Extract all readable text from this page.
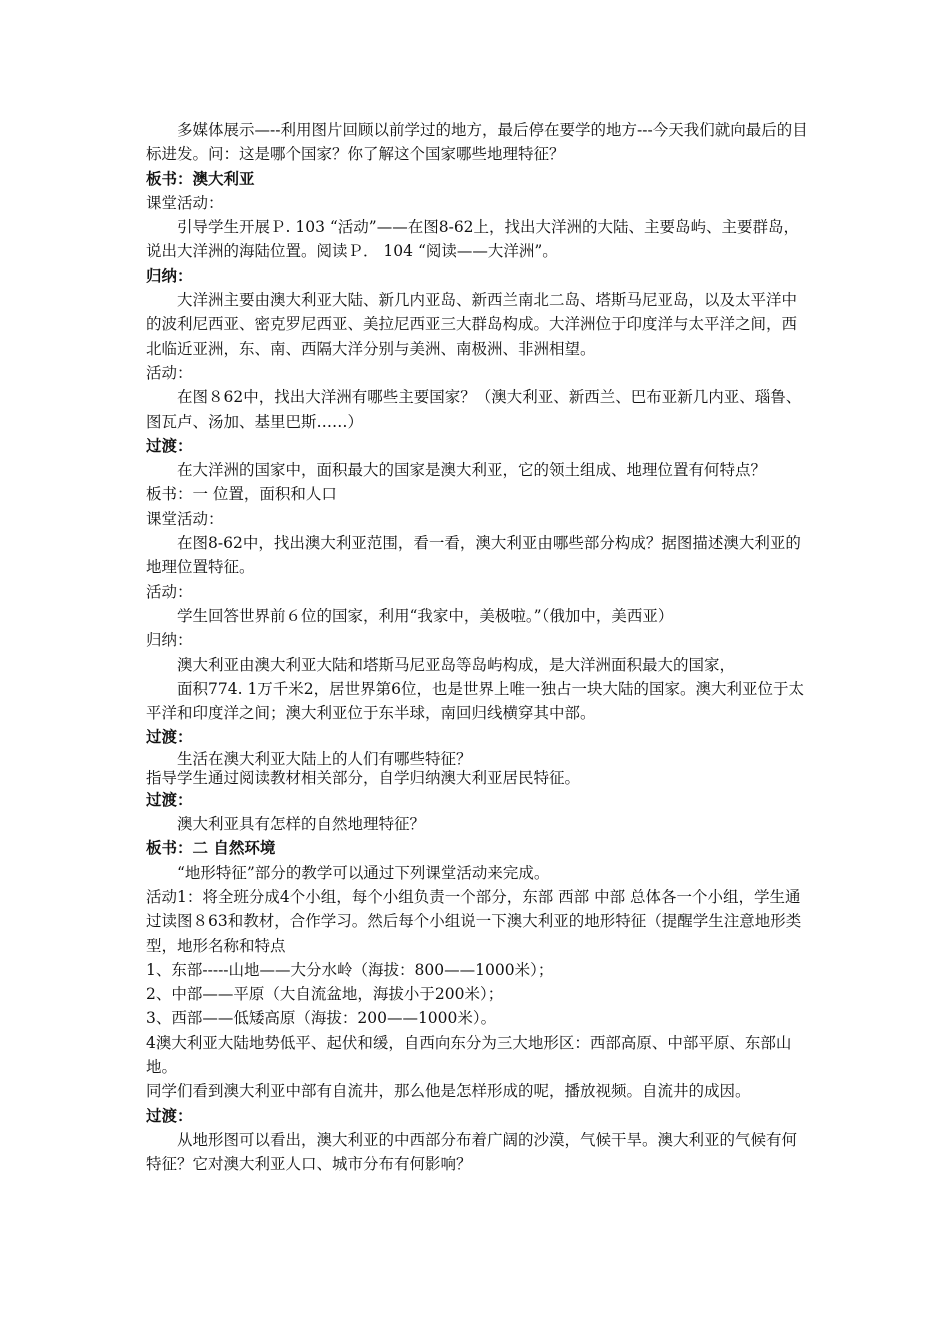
多媒体展示—--利用图片回顾以前学过的地方，最后停在要学的地方---今天我们就向最后的目标进发。问：这是哪个国家？你了解这个国家哪些地理特征？

板书：澳大利亚

课堂活动：

引导学生开展Ｐ. 103 “活动”——在图8-62上，找出大洋洲的大陆、主要岛屿、主要群岛，说出大洋洲的海陆位置。阅读Ｐ． 104 “阅读——大洋洲”。

归纳：

大洋洲主要由澳大利亚大陆、新几内亚岛、新西兰南北二岛、塔斯马尼亚岛，以及太平洋中的波利尼西亚、密克罗尼西亚、美拉尼西亚三大群岛构成。大洋洲位于印度洋与太平洋之间，西北临近亚洲，东、南、西隔大洋分别与美洲、南极洲、非洲相望。

活动：

在图８62中，找出大洋洲有哪些主要国家？（澳大利亚、新西兰、巴布亚新几内亚、瑙鲁、图瓦卢、汤加、基里巴斯……）

过渡：

在大洋洲的国家中，面积最大的国家是澳大利亚，它的领土组成、地理位置有何特点？

板书：一 位置，面积和人口

课堂活动：

在图8-62中，找出澳大利亚范围，看一看，澳大利亚由哪些部分构成？据图描述澳大利亚的地理位置特征。

活动：

学生回答世界前６位的国家，利用“我家中，美极啦。”（俄加中，美西亚）

归纳：

澳大利亚由澳大利亚大陆和塔斯马尼亚岛等岛屿构成，是大洋洲面积最大的国家，

面积774. 1万千米2，居世界第6位，也是世界上唯一独占一块大陆的国家。澳大利亚位于太平洋和印度洋之间；澳大利亚位于东半球，南回归线横穿其中部。

过渡：

生活在澳大利亚大陆上的人们有哪些特征？

指导学生通过阅读教材相关部分，自学归纳澳大利亚居民特征。

过渡：

澳大利亚具有怎样的自然地理特征？

板书：二 自然环境

“地形特征”部分的教学可以通过下列课堂活动来完成。

活动1：将全班分成4个小组，每个小组负责一个部分，东部 西部 中部 总体各一个小组，学生通过读图８63和教材，合作学习。然后每个小组说一下澳大利亚的地形特征（提醒学生注意地形类型，地形名称和特点

1、东部-----山地——大分水岭（海拔：800——1000米）；

2、中部——平原（大自流盆地，海拔小于200米）；

3、西部——低矮高原（海拔：200——1000米）。

4澳大利亚大陆地势低平、起伏和缓，自西向东分为三大地形区：西部高原、中部平原、东部山地。

同学们看到澳大利亚中部有自流井，那么他是怎样形成的呢，播放视频。自流井的成因。

过渡：

从地形图可以看出，澳大利亚的中西部分布着广阔的沙漠，气候干旱。澳大利亚的气候有何特征？它对澳大利亚人口、城市分布有何影响？
